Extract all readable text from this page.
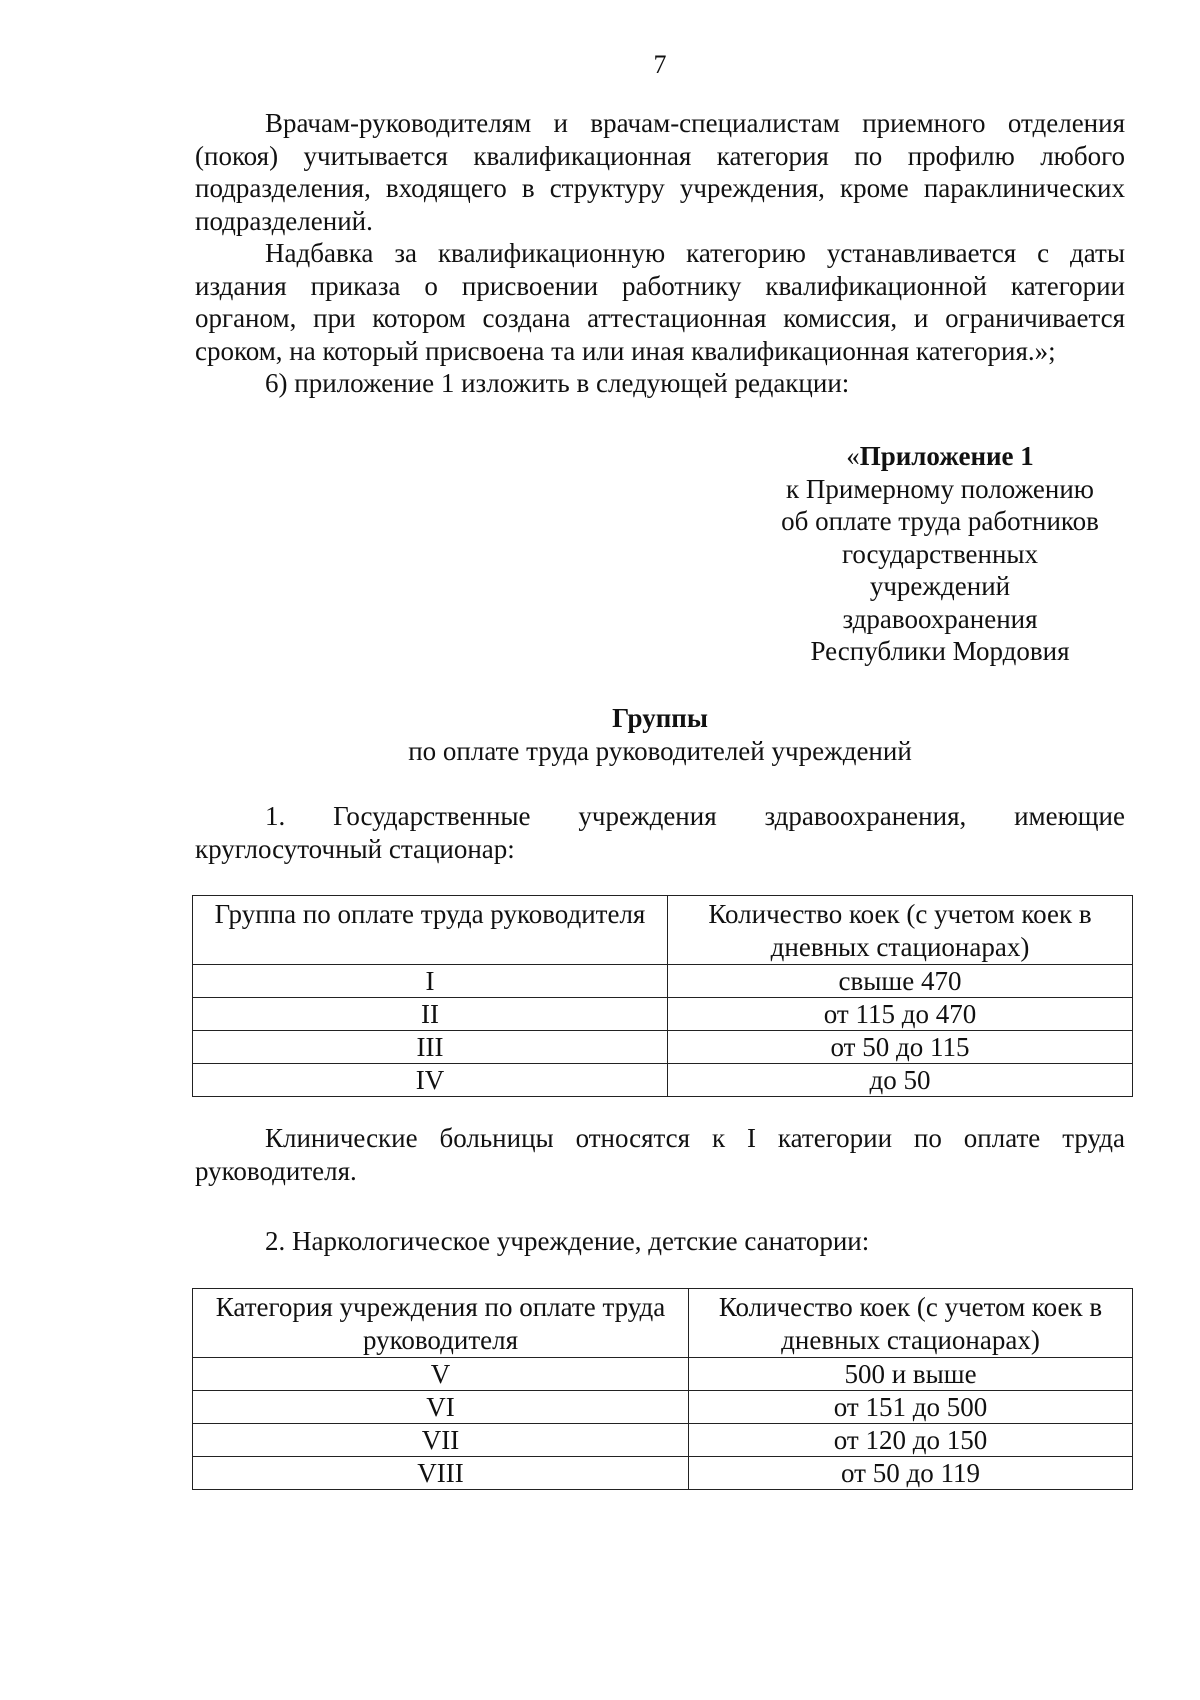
7

Врачам-руководителям и врачам-специалистам приемного отделения (покоя) учитывается квалификационная категория по профилю любого подразделения, входящего в структуру учреждения, кроме параклинических подразделений.

Надбавка за квалификационную категорию устанавливается с даты издания приказа о присвоении работнику квалификационной категории органом, при котором создана аттестационная комиссия, и ограничивается сроком, на который присвоена та или иная квалификационная категория.»;

6) приложение 1 изложить в следующей редакции:

«Приложение 1
к Примерному положению
об оплате труда работников
государственных
учреждений
здравоохранения
Республики Мордовия
Группы
по оплате труда руководителей учреждений

1. Государственные учреждения здравоохранения, имеющие круглосуточный стационар:

Группа по оплате труда руководителя	Количество коек (с учетом коек в дневных стационарах)
I	свыше 470
II	от 115 до 470
III	от 50 до 115
IV	до 50

Клинические больницы относятся к I категории по оплате труда руководителя.

2. Наркологическое учреждение, детские санатории:

Категория учреждения по оплате труда руководителя	Количество коек (с учетом коек в дневных стационарах)
V	500 и выше
VI	от 151 до 500
VII	от 120 до 150
VIII	от 50 до 119
